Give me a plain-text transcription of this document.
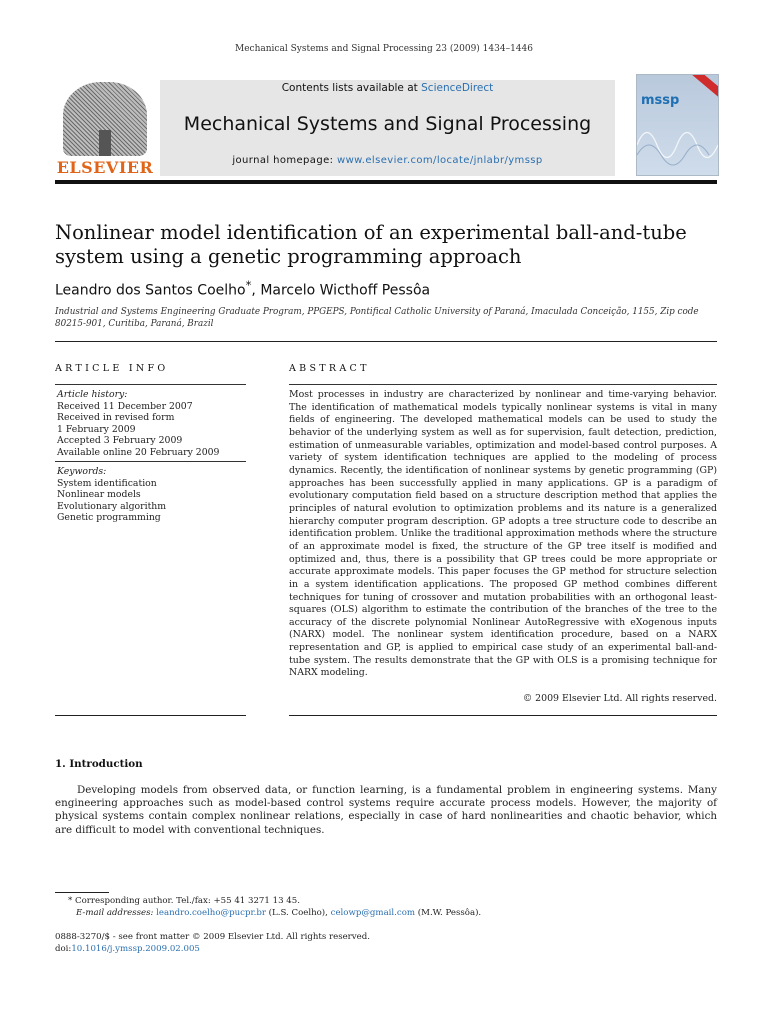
Mechanical Systems and Signal Processing 23 (2009) 1434–1446
ELSEVIER
Contents lists available at ScienceDirect
Mechanical Systems and Signal Processing
journal homepage: www.elsevier.com/locate/jnlabr/ymssp
mssp
Nonlinear model identification of an experimental ball-and-tube
system using a genetic programming approach
Leandro dos Santos Coelho*, Marcelo Wicthoff Pessôa
Industrial and Systems Engineering Graduate Program, PPGEPS, Pontifical Catholic University of Paraná, Imaculada Conceição, 1155, Zip code 80215-901, Curitiba, Paraná, Brazil
ARTICLE INFO
Article history:
Received 11 December 2007
Received in revised form
1 February 2009
Accepted 3 February 2009
Available online 20 February 2009
Keywords:
System identification
Nonlinear models
Evolutionary algorithm
Genetic programming
ABSTRACT
Most processes in industry are characterized by nonlinear and time-varying behavior. The identification of mathematical models typically nonlinear systems is vital in many fields of engineering. The developed mathematical models can be used to study the behavior of the underlying system as well as for supervision, fault detection, prediction, estimation of unmeasurable variables, optimization and model-based control purposes. A variety of system identification techniques are applied to the modeling of process dynamics. Recently, the identification of nonlinear systems by genetic programming (GP) approaches has been successfully applied in many applications. GP is a paradigm of evolutionary computation field based on a structure description method that applies the principles of natural evolution to optimization problems and its nature is a generalized hierarchy computer program description. GP adopts a tree structure code to describe an identification problem. Unlike the traditional approximation methods where the structure of an approximate model is fixed, the structure of the GP tree itself is modified and optimized and, thus, there is a possibility that GP trees could be more appropriate or accurate approximate models. This paper focuses the GP method for structure selection in a system identification applications. The proposed GP method combines different techniques for tuning of crossover and mutation probabilities with an orthogonal least-squares (OLS) algorithm to estimate the contribution of the branches of the tree to the accuracy of the discrete polynomial Nonlinear AutoRegressive with eXogenous inputs (NARX) model. The nonlinear system identification procedure, based on a NARX representation and GP, is applied to empirical case study of an experimental ball-and-tube system. The results demonstrate that the GP with OLS is a promising technique for NARX modeling.
© 2009 Elsevier Ltd. All rights reserved.
1. Introduction
Developing models from observed data, or function learning, is a fundamental problem in engineering systems. Many engineering approaches such as model-based control systems require accurate process models. However, the majority of physical systems contain complex nonlinear relations, especially in case of hard nonlinearities and chaotic behavior, which are difficult to model with conventional techniques.
* Corresponding author. Tel./fax: +55 41 3271 13 45.
E-mail addresses: leandro.coelho@pucpr.br (L.S. Coelho), celowp@gmail.com (M.W. Pessôa).
0888-3270/$ - see front matter © 2009 Elsevier Ltd. All rights reserved.
doi:10.1016/j.ymssp.2009.02.005
